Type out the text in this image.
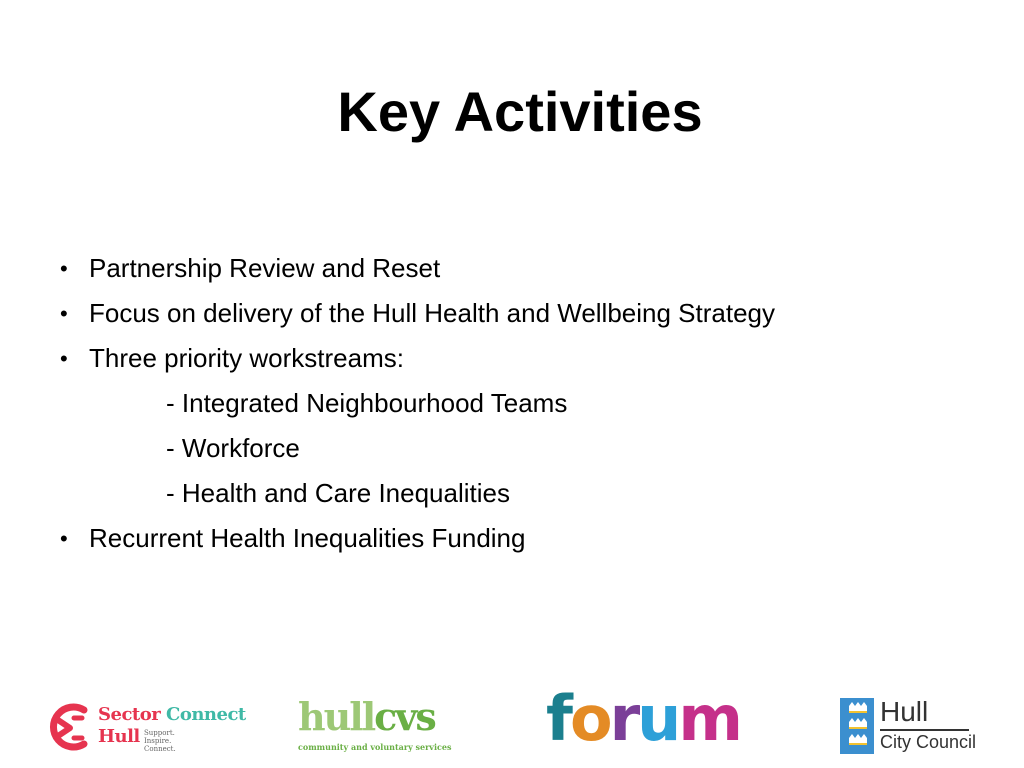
Key Activities
• Partnership Review and Reset
• Focus on delivery of the Hull Health and Wellbeing Strategy
• Three priority workstreams:
- Integrated Neighbourhood Teams
- Workforce
- Health and Care Inequalities
• Recurrent Health Inequalities Funding
Sector Connect
Hull Support. Inspire. Connect.
hullcvs
community and voluntary services forum	Hull
City Council
